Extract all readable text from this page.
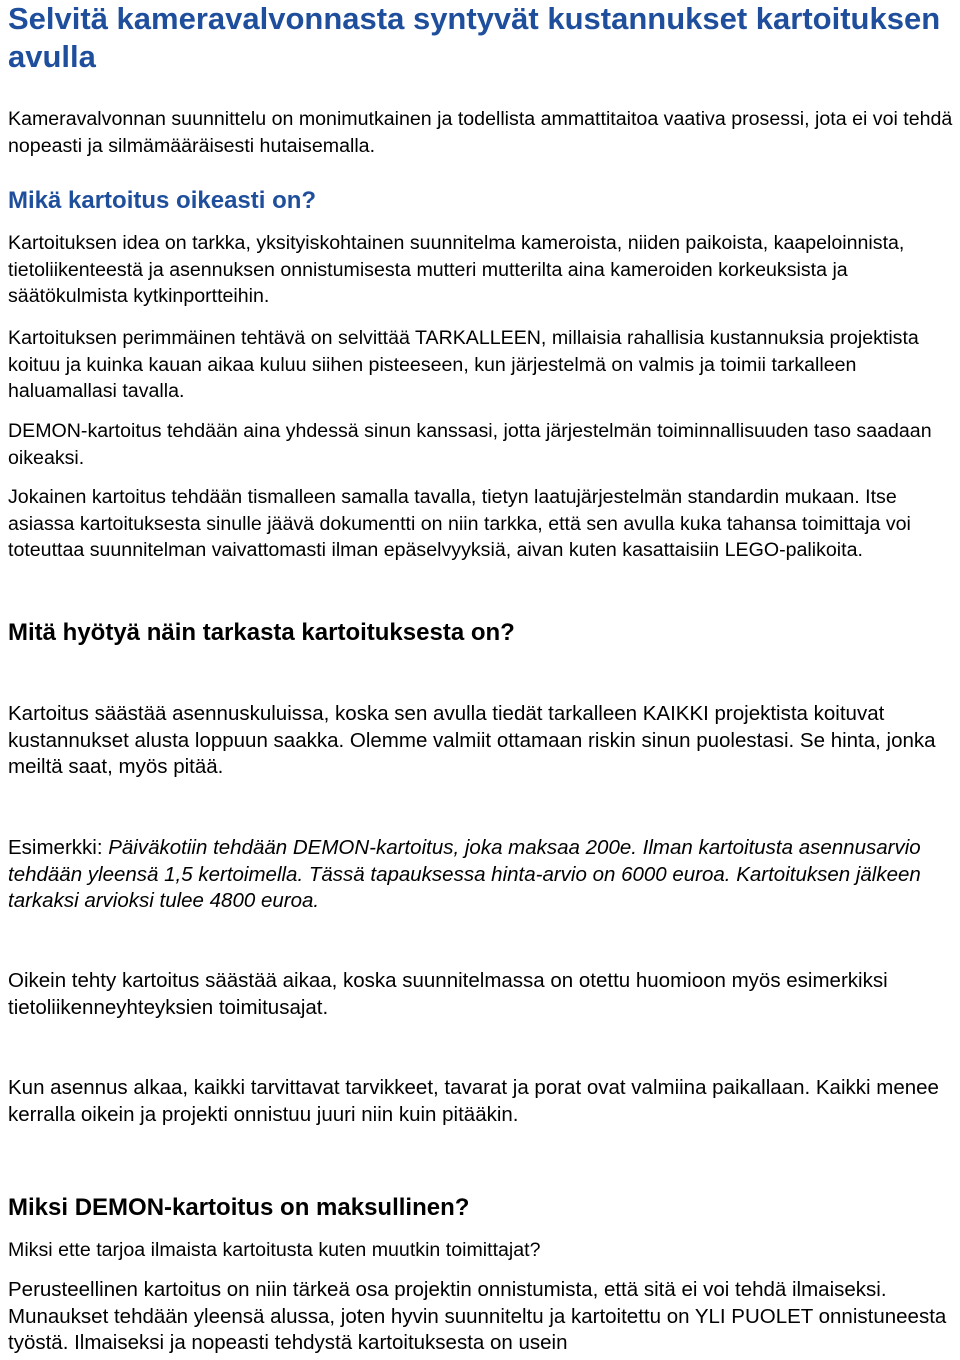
Selvitä kameravalvonnasta syntyvät kustannukset kartoituksen avulla

Kameravalvonnan suunnittelu on monimutkainen ja todellista ammattitaitoa vaativa prosessi, jota ei voi tehdä nopeasti ja silmämääräisesti hutaisemalla.

Mikä kartoitus oikeasti on?

Kartoituksen idea on tarkka, yksityiskohtainen suunnitelma kameroista, niiden paikoista, kaapeloinnista, tietoliikenteestä ja asennuksen onnistumisesta mutteri mutterilta aina kameroiden korkeuksista ja säätökulmista kytkinportteihin.

Kartoituksen perimmäinen tehtävä on selvittää TARKALLEEN, millaisia rahallisia kustannuksia projektista koituu ja kuinka kauan aikaa kuluu siihen pisteeseen, kun järjestelmä on valmis ja toimii tarkalleen haluamallasi tavalla.

DEMON-kartoitus tehdään aina yhdessä sinun kanssasi, jotta järjestelmän toiminnallisuuden taso saadaan oikeaksi.

Jokainen kartoitus tehdään tismalleen samalla tavalla, tietyn laatujärjestelmän standardin mukaan. Itse asiassa kartoituksesta sinulle jäävä dokumentti on niin tarkka, että sen avulla kuka tahansa toimittaja voi toteuttaa suunnitelman vaivattomasti ilman epäselvyyksiä, aivan kuten kasattaisiin LEGO-palikoita.

Mitä hyötyä näin tarkasta kartoituksesta on?

Kartoitus säästää asennuskuluissa, koska sen avulla tiedät tarkalleen KAIKKI projektista koituvat kustannukset alusta loppuun saakka. Olemme valmiit ottamaan riskin sinun puolestasi. Se hinta, jonka meiltä saat, myös pitää.

Esimerkki: Päiväkotiin tehdään DEMON-kartoitus, joka maksaa 200e. Ilman kartoitusta asennusarvio tehdään yleensä 1,5 kertoimella. Tässä tapauksessa hinta-arvio on 6000 euroa. Kartoituksen jälkeen tarkaksi arvioksi tulee 4800 euroa.

Oikein tehty kartoitus säästää aikaa, koska suunnitelmassa on otettu huomioon myös esimerkiksi tietoliikenneyhteyksien toimitusajat.

Kun asennus alkaa, kaikki tarvittavat tarvikkeet, tavarat ja porat ovat valmiina paikallaan. Kaikki menee kerralla oikein ja projekti onnistuu juuri niin kuin pitääkin.

Miksi DEMON-kartoitus on maksullinen?

Miksi ette tarjoa ilmaista kartoitusta kuten muutkin toimittajat?

Perusteellinen kartoitus on niin tärkeä osa projektin onnistumista, että sitä ei voi tehdä ilmaiseksi. Munaukset tehdään yleensä alussa, joten hyvin suunniteltu ja kartoitettu on YLI PUOLET onnistuneesta työstä. Ilmaiseksi ja nopeasti tehdystä kartoituksesta on usein
